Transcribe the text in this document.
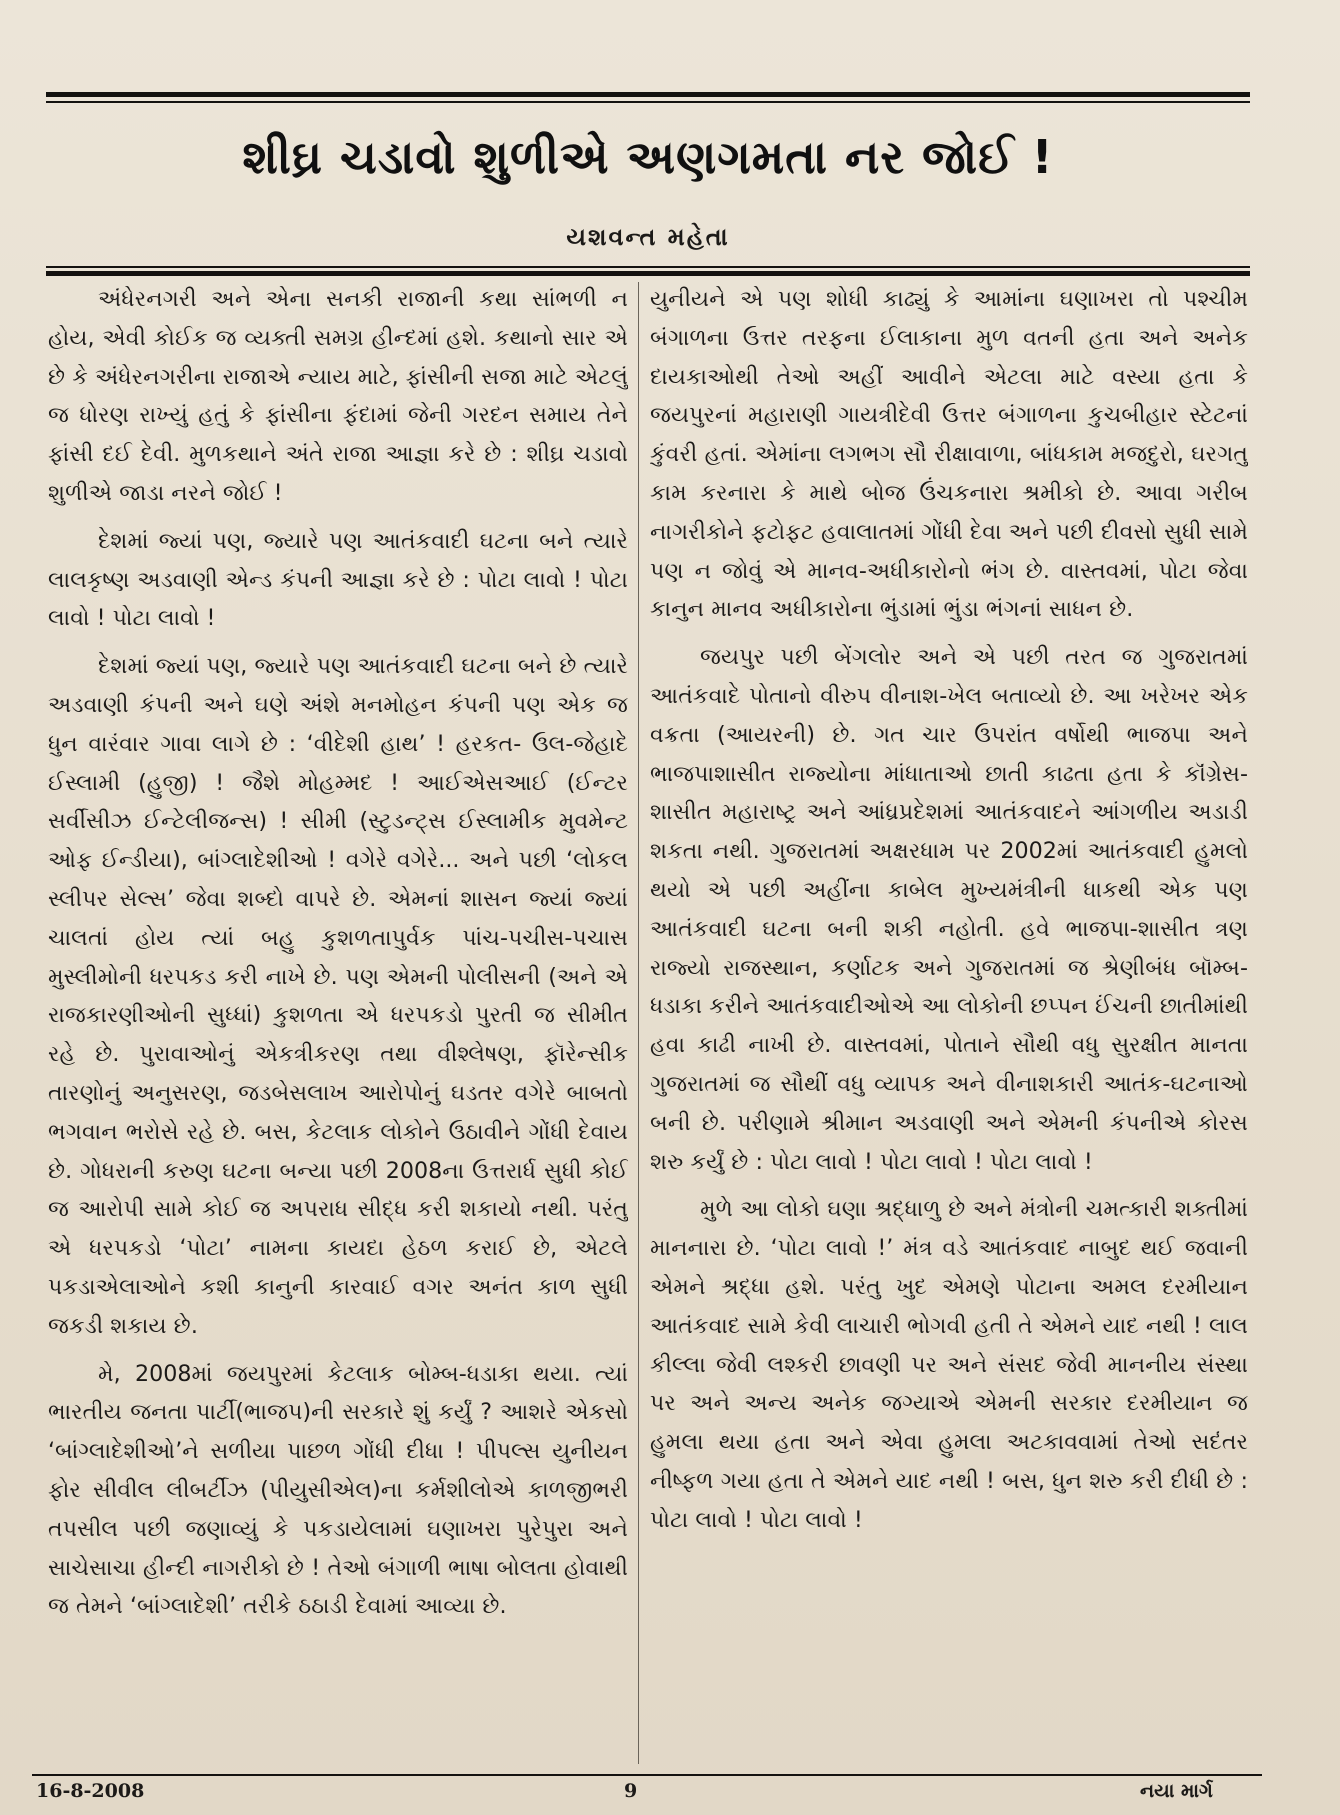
શીઘ્ર ચડાવો શુળીએ અણગમતા નર જોઈ !
યશવન્ત મહેતા

અંધેરનગરી અને એના સનકી રાજાની કથા સાંભળી ન હોય, એવી કોઈક જ વ્યક્તી સમગ્ર હીન્દમાં હશે. કથાનો સાર એ છે કે અંધેરનગરીના રાજાએ ન્યાય માટે, ફાંસીની સજા માટે એટલું જ ધોરણ રાખ્યું હતું કે ફાંસીના ફંદામાં જેની ગરદન સમાય તેને ફાંસી દઈ દેવી. મુળકથાને અંતે રાજા આજ્ઞા કરે છે : શીઘ્ર ચડાવો શુળીએ જાડા નરને જોઈ !

દેશમાં જ્યાં પણ, જ્યારે પણ આતંકવાદી ઘટના બને ત્યારે લાલકૃષ્ણ અડવાણી એન્ડ કંપની આજ્ઞા કરે છે : પોટા લાવો ! પોટા લાવો ! પોટા લાવો !

દેશમાં જ્યાં પણ, જ્યારે પણ આતંકવાદી ઘટના બને છે ત્યારે અડવાણી કંપની અને ઘણે અંશે મનમોહન કંપની પણ એક જ ધુન વારંવાર ગાવા લાગે છે : ‘વીદેશી હાથ’ ! હરકત- ઉલ-જેહાદે ઈસ્લામી (હુજી) ! જૈશે મોહમ્મદ ! આઈએસઆઈ (ઈન્ટર સર્વીસીઝ ઈન્ટેલીજન્સ) ! સીમી (સ્ટુડન્ટ્સ ઈસ્લામીક મુવમેન્ટ ઓફ ઈન્ડીયા), બાંગ્લાદેશીઓ ! વગેરે વગેરે... અને પછી ‘લોકલ સ્લીપર સેલ્સ’ જેવા શબ્દો વાપરે છે. એમનાં શાસન જ્યાં જ્યાં ચાલતાં હોય ત્યાં બહુ કુશળતાપુર્વક પાંચ-પચીસ-પચાસ મુસ્લીમોની ધરપકડ કરી નાખે છે. પણ એમની પોલીસની (અને એ રાજકારણીઓની સુધ્ધાં) કુશળતા એ ધરપકડો પુરતી જ સીમીત રહે છે. પુરાવાઓનું એકત્રીકરણ તથા વીશ્લેષણ, ફૉરેન્સીક તારણોનું અનુસરણ, જડબેસલાખ આરોપોનું ઘડતર વગેરે બાબતો ભગવાન ભરોસે રહે છે. બસ, કેટલાક લોકોને ઉઠાવીને ગોંધી દેવાય છે. ગોધરાની કરુણ ઘટના બન્યા પછી 2008ના ઉત્તરાર્ધ સુધી કોઈ જ આરોપી સામે કોઈ જ અપરાધ સીદ્ધ કરી શકાયો નથી. પરંતુ એ ધરપકડો ‘પોટા’ નામના કાયદા હેઠળ કરાઈ છે, એટલે પકડાએલાઓને કશી કાનુની કારવાઈ વગર અનંત કાળ સુધી જકડી શકાય છે.

મે, 2008માં જયપુરમાં કેટલાક બોમ્બ-ધડાકા થયા. ત્યાં ભારતીય જનતા પાર્ટી(ભાજપ)ની સરકારે શું કર્યું ? આશરે એકસો ‘બાંગ્લાદેશીઓ’ને સળીયા પાછળ ગોંધી દીધા ! પીપલ્સ યુનીયન ફોર સીવીલ લીબર્ટીઝ (પીયુસીએલ)ના કર્મશીલોએ કાળજીભરી તપસીલ પછી જણાવ્યું કે પકડાયેલામાં ઘણાખરા પુરેપુરા અને સાચેસાચા હીન્દી નાગરીકો છે ! તેઓ બંગાળી ભાષા બોલતા હોવાથી જ તેમને ‘બાંગ્લાદેશી’ તરીકે ઠઠાડી દેવામાં આવ્યા છે.

યુનીયને એ પણ શોધી કાઢ્યું કે આમાંના ઘણાખરા તો પશ્ચીમ બંગાળના ઉત્તર તરફના ઈલાકાના મુળ વતની હતા અને અનેક દાયકાઓથી તેઓ અહીં આવીને એટલા માટે વસ્યા હતા કે જયપુરનાં મહારાણી ગાયત્રીદેવી ઉત્તર બંગાળના કુચબીહાર સ્ટેટનાં કુંવરી હતાં. એમાંના લગભગ સૌ રીક્ષાવાળા, બાંધકામ મજદુરો, ઘરગતુ કામ કરનારા કે માથે બોજ ઉંચકનારા શ્રમીકો છે. આવા ગરીબ નાગરીકોને ફટોફટ હવાલાતમાં ગોંધી દેવા અને પછી દીવસો સુધી સામે પણ ન જોવું એ માનવ-અધીકારોનો ભંગ છે. વાસ્તવમાં, પોટા જેવા કાનુન માનવ અધીકારોના ભુંડામાં ભુંડા ભંગનાં સાધન છે.

જયપુર પછી બેંગલોર અને એ પછી તરત જ ગુજરાતમાં આતંકવાદે પોતાનો વીરુપ વીનાશ-ખેલ બતાવ્યો છે. આ ખરેખર એક વક્રતા (આયરની) છે. ગત ચાર ઉપરાંત વર્ષોથી ભાજપા અને ભાજપાશાસીત રાજ્યોના માંધાતાઓ છાતી કાઢતા હતા કે કૉંગ્રેસ-શાસીત મહારાષ્ટ્ર અને આંધ્રપ્રદેશમાં આતંકવાદને આંગળીય અડાડી શકતા નથી. ગુજરાતમાં અક્ષરધામ પર 2002માં આતંકવાદી હુમલો થયો એ પછી અહીંના કાબેલ મુખ્યમંત્રીની ધાકથી એક પણ આતંકવાદી ઘટના બની શકી નહોતી. હવે ભાજપા-શાસીત ત્રણ રાજ્યો રાજસ્થાન, કર્ણાટક અને ગુજરાતમાં જ શ્રેણીબંધ બૉમ્બ-ધડાકા કરીને આતંકવાદીઓએ આ લોકોની છપ્પન ઈંચની છાતીમાંથી હવા કાઢી નાખી છે. વાસ્તવમાં, પોતાને સૌથી વધુ સુરક્ષીત માનતા ગુજરાતમાં જ સૌથીં વધુ વ્યાપક અને વીનાશકારી આતંક-ઘટનાઓ બની છે. પરીણામે શ્રીમાન અડવાણી અને એમની કંપનીએ કોરસ શરુ કર્યું છે : પોટા લાવો ! પોટા લાવો ! પોટા લાવો !

મુળે આ લોકો ઘણા શ્રદ્ધાળુ છે અને મંત્રોની ચમત્કારી શક્તીમાં માનનારા છે. ‘પોટા લાવો !’ મંત્ર વડે આતંકવાદ નાબુદ થઈ જવાની એમને શ્રદ્ધા હશે. પરંતુ ખુદ એમણે પોટાના અમલ દરમીયાન આતંકવાદ સામે કેવી લાચારી ભોગવી હતી તે એમને યાદ નથી ! લાલ કીલ્લા જેવી લશ્કરી છાવણી પર અને સંસદ જેવી માનનીય સંસ્થા પર અને અન્ય અનેક જગ્યાએ એમની સરકાર દરમીયાન જ હુમલા થયા હતા અને એવા હુમલા અટકાવવામાં તેઓ સદંતર નીષ્ફળ ગયા હતા તે એમને યાદ નથી ! બસ, ધુન શરુ કરી દીધી છે : પોટા લાવો ! પોટા લાવો !

16-8-2008	9	નયા માર્ગ
